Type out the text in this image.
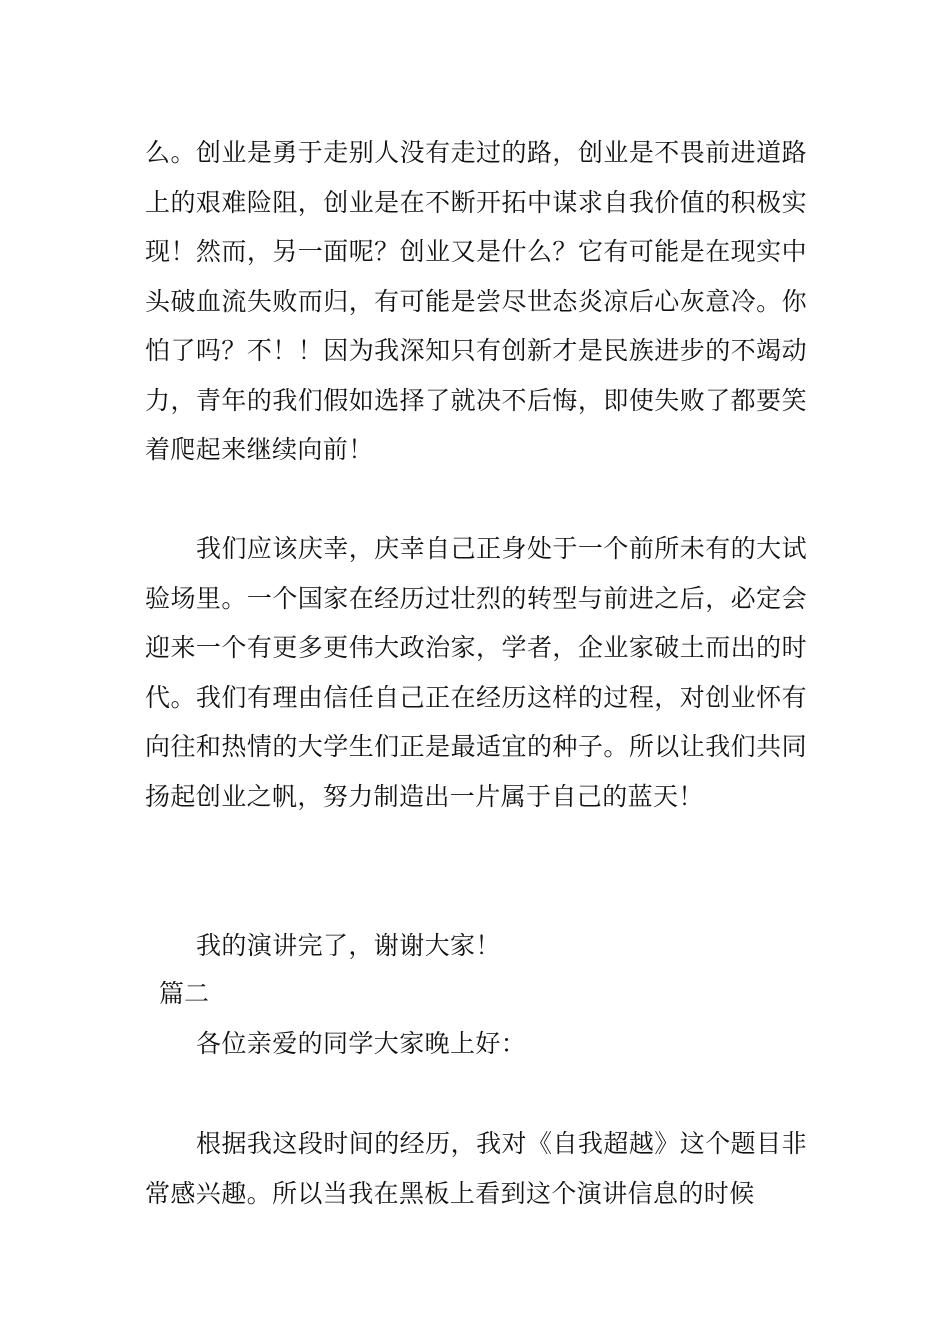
么。创业是勇于走别人没有走过的路，创业是不畏前进道路上的艰难险阻，创业是在不断开拓中谋求自我价值的积极实现！然而，另一面呢？创业又是什么？它有可能是在现实中头破血流失败而归，有可能是尝尽世态炎凉后心灰意冷。你怕了吗？不！！因为我深知只有创新才是民族进步的不竭动力，青年的我们假如选择了就决不后悔，即使失败了都要笑着爬起来继续向前！

我们应该庆幸，庆幸自己正身处于一个前所未有的大试验场里。一个国家在经历过壮烈的转型与前进之后，必定会迎来一个有更多更伟大政治家，学者，企业家破土而出的时代。我们有理由信任自己正在经历这样的过程，对创业怀有向往和热情的大学生们正是最适宜的种子。所以让我们共同扬起创业之帆，努力制造出一片属于自己的蓝天！

我的演讲完了，谢谢大家！

篇二

各位亲爱的同学大家晚上好：

根据我这段时间的经历，我对《自我超越》这个题目非常感兴趣。所以当我在黑板上看到这个演讲信息的时候
